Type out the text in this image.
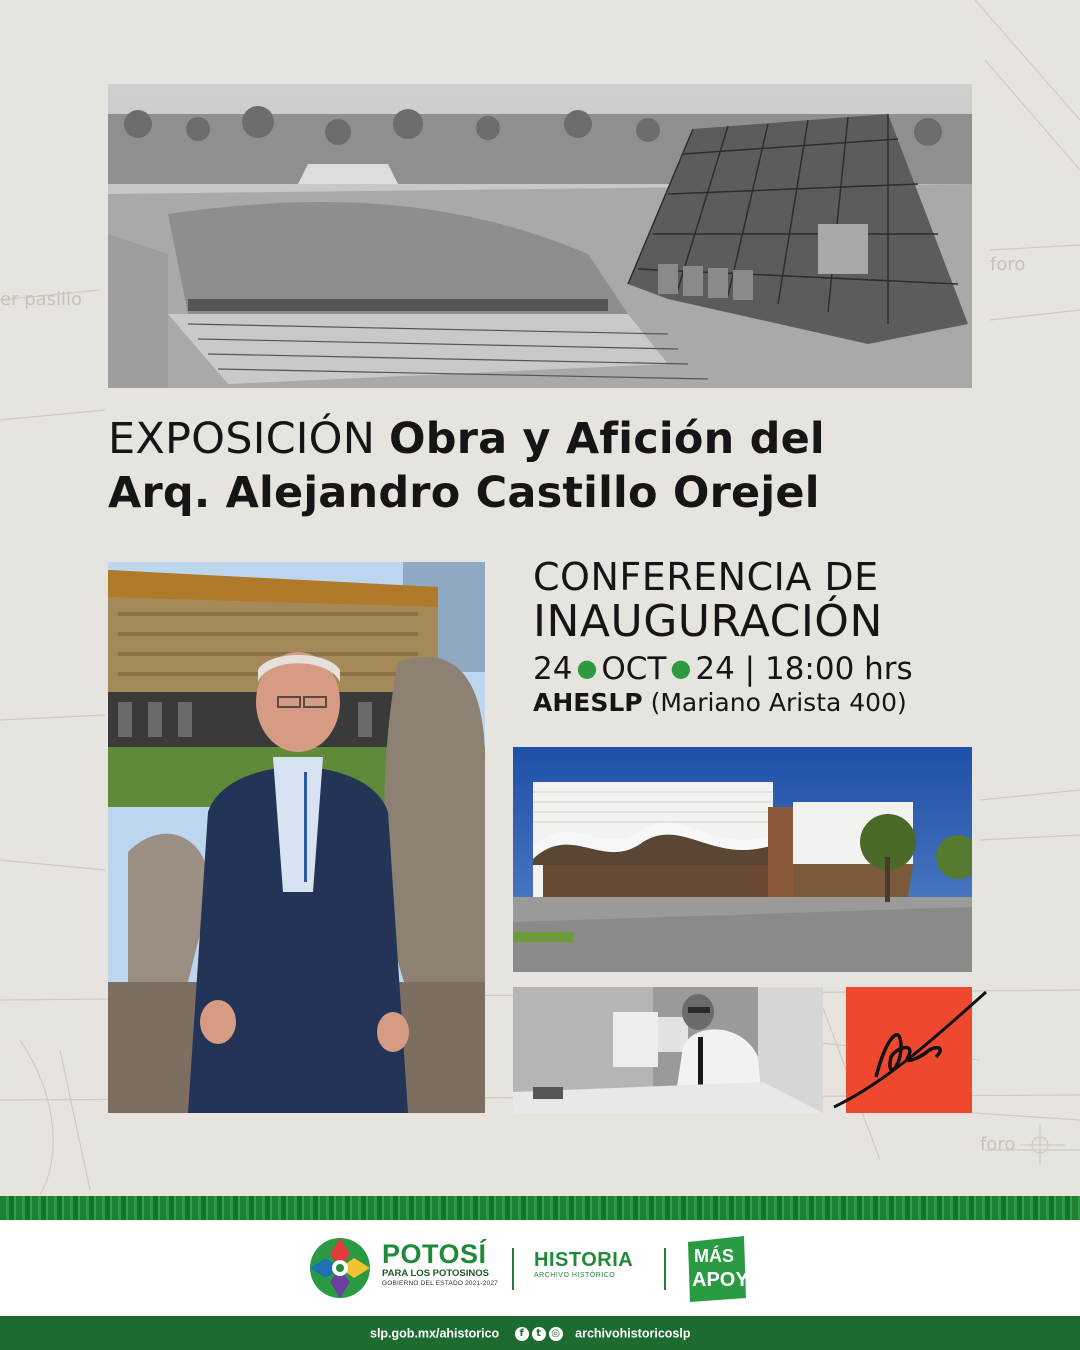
er pasillo
foro
foro
EXPOSICIÓN Obra y Afición del
Arq. Alejandro Castillo Orejel
CONFERENCIA DE
INAUGURACIÓN
24 ● OCT ● 24 | 18:00 hrs
AHESLP (Mariano Arista 400)
POTOSÍ
PARA LOS POTOSINOS
GOBIERNO DEL ESTADO 2021-2027
HISTORIA
ARCHIVO HISTÓRICO
MÁS
APOYO
slp.gob.mx/ahistorico f t ◎ archivohistoricoslp
